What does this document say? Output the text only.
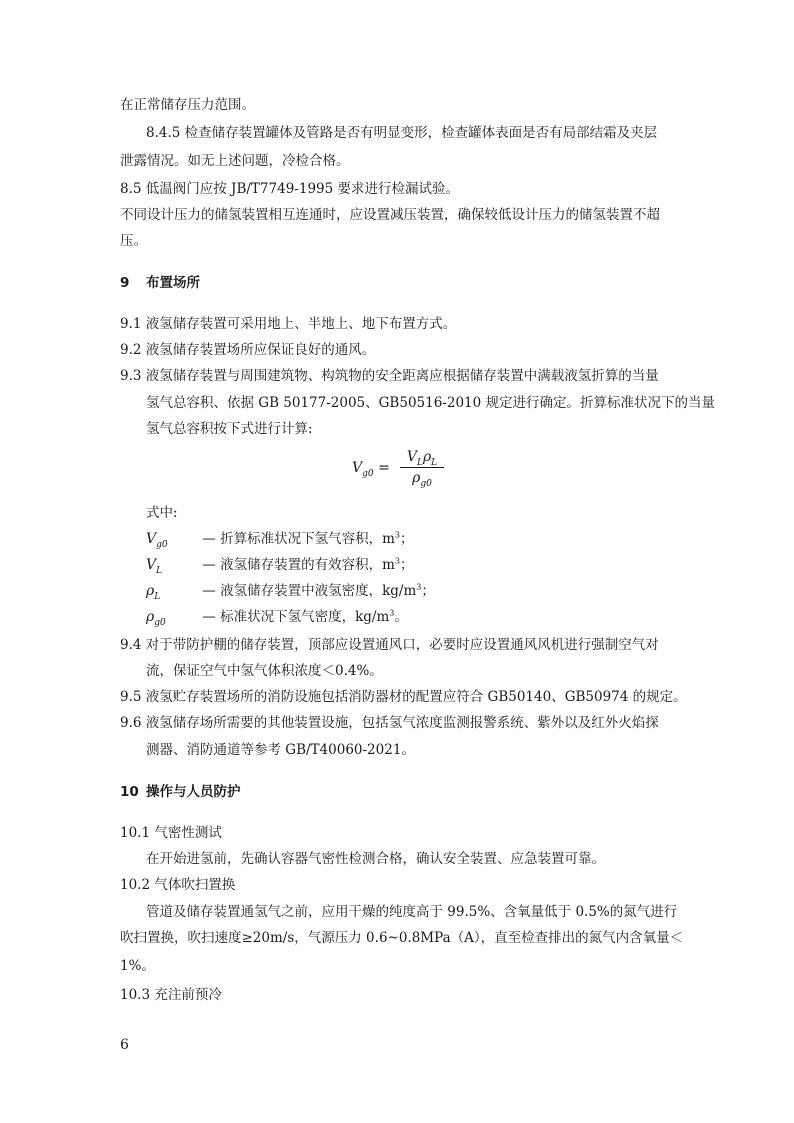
在正常储存压力范围。
8.4.5 检查储存装置罐体及管路是否有明显变形，检查罐体表面是否有局部结霜及夹层
泄露情况。如无上述问题，冷检合格。
8.5 低温阀门应按 JB/T7749-1995 要求进行检漏试验。
不同设计压力的储氢装置相互连通时，应设置减压装置，确保较低设计压力的储氢装置不超
压。
9 布置场所
9.1 液氢储存装置可采用地上、半地上、地下布置方式。
9.2 液氢储存装置场所应保证良好的通风。
9.3 液氢储存装置与周围建筑物、构筑物的安全距离应根据储存装置中满载液氢折算的当量
氢气总容积、依据 GB 50177-2005、GB50516-2010 规定进行确定。折算标准状况下的当量
氢气总容积按下式进行计算:
$V_{g0}$ =
$V_L\rho_L$
$\rho_{g0}$
式中:
$V_{g0}$ — 折算标准状况下氢气容积，$m^3$；
$V_L$	— 液氢储存装置的有效容积，$m^3$；
$\rho_L$	— 液氢储存装置中液氢密度，$kg/m^3$；
$\rho_{g0}$ — 标准状况下氢气密度，$kg/m^3$。
9.4 对于带防护棚的储存装置，顶部应设置通风口，必要时应设置通风风机进行强制空气对
流，保证空气中氢气体积浓度＜0.4%。
9.5 液氢贮存装置场所的消防设施包括消防器材的配置应符合 GB50140、GB50974 的规定。
9.6 液氢储存场所需要的其他装置设施，包括氢气浓度监测报警系统、紫外以及红外火焰探
测器、消防通道等参考 GB/T40060-2021。
10 操作与人员防护
10.1 气密性测试
在开始进氢前，先确认容器气密性检测合格，确认安全装置、应急装置可靠。
10.2 气体吹扫置换
管道及储存装置通氢气之前，应用干燥的纯度高于 99.5%、含氧量低于 0.5%的氮气进行
吹扫置换，吹扫速度≥20m/s，气源压力 0.6~0.8MPa（A），直至检查排出的氮气内含氧量＜
1%。
10.3 充注前预冷
6
